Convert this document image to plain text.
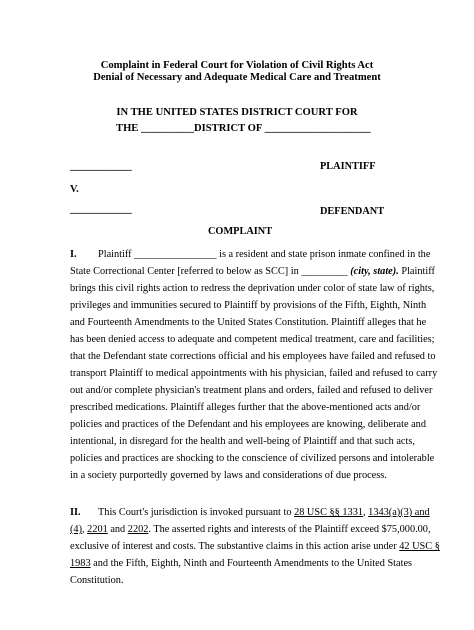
Complaint in Federal Court for Violation of Civil Rights Act
Denial of Necessary and Adequate Medical Care and Treatment
IN THE UNITED STATES DISTRICT COURT FOR
THE __________DISTRICT OF ____________________
____________	PLAINTIFF
V.
____________	DEFENDANT
COMPLAINT
I. Plaintiff ________________ is a resident and state prison inmate confined in the
State Correctional Center [referred to below as SCC] in _________ (city, state). Plaintiff
brings this civil rights action to redress the deprivation under color of state law of rights,
privileges and immunities secured to Plaintiff by provisions of the Fifth, Eighth, Ninth
and Fourteenth Amendments to the United States Constitution. Plaintiff alleges that he
has been denied access to adequate and competent medical treatment, care and facilities;
that the Defendant state corrections official and his employees have failed and refused to
transport Plaintiff to medical appointments with his physician, failed and refused to carry
out and/or complete physician's treatment plans and orders, failed and refused to deliver
prescribed medications. Plaintiff alleges further that the above-mentioned acts and/or
policies and practices of the Defendant and his employees are knowing, deliberate and
intentional, in disregard for the health and well-being of Plaintiff and that such acts,
policies and practices are shocking to the conscience of civilized persons and intolerable
in a society purportedly governed by laws and considerations of due process.
II. This Court's jurisdiction is invoked pursuant to 28 USC §§ 1331, 1343(a)(3) and
(4), 2201 and 2202. The asserted rights and interests of the Plaintiff exceed $75,000.00,
exclusive of interest and costs. The substantive claims in this action arise under 42 USC §
1983 and the Fifth, Eighth, Ninth and Fourteenth Amendments to the United States
Constitution.
